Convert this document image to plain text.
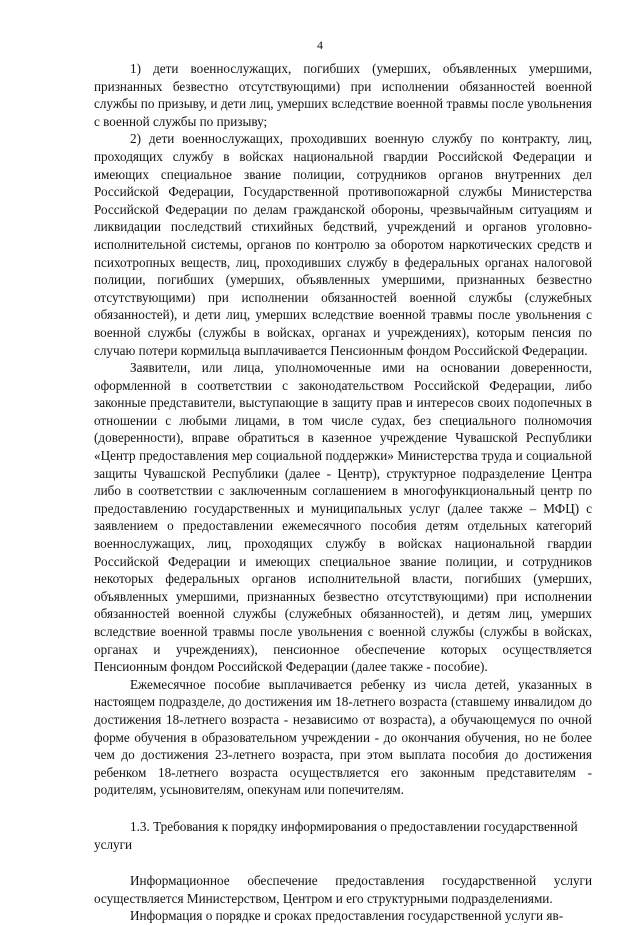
4

1) дети военнослужащих, погибших (умерших, объявленных умершими, признанных безвестно отсутствующими) при исполнении обязанностей военной службы по призыву, и дети лиц, умерших вследствие военной травмы после увольнения с военной службы по призыву;

2) дети военнослужащих, проходивших военную службу по контракту, лиц, проходящих службу в войсках национальной гвардии Российской Федерации и имеющих специальное звание полиции, сотрудников органов внутренних дел Российской Федерации, Государственной противопожарной службы Министерства Российской Федерации по делам гражданской обороны, чрезвычайным ситуациям и ликвидации последствий стихийных бедствий, учреждений и органов уголовно-исполнительной системы, органов по контролю за оборотом наркотических средств и психотропных веществ, лиц, проходивших службу в федеральных органах налоговой полиции, погибших (умерших, объявленных умершими, признанных безвестно отсутствующими) при исполнении обязанностей военной службы (служебных обязанностей), и дети лиц, умерших вследствие военной травмы после увольнения с военной службы (службы в войсках, органах и учреждениях), которым пенсия по случаю потери кормильца выплачивается Пенсионным фондом Российской Федерации.

Заявители, или лица, уполномоченные ими на основании доверенности, оформленной в соответствии с законодательством Российской Федерации, либо законные представители, выступающие в защиту прав и интересов своих подопечных в отношении с любыми лицами, в том числе судах, без специального полномочия (доверенности), вправе обратиться в казенное учреждение Чувашской Республики «Центр предоставления мер социальной поддержки» Министерства труда и социальной защиты Чувашской Республики (далее - Центр), структурное подразделение Центра либо в соответствии с заключенным соглашением в многофункциональный центр по предоставлению государственных и муниципальных услуг (далее также – МФЦ) с заявлением о предоставлении ежемесячного пособия детям отдельных категорий военнослужащих, лиц, проходящих службу в войсках национальной гвардии Российской Федерации и имеющих специальное звание полиции, и сотрудников некоторых федеральных органов исполнительной власти, погибших (умерших, объявленных умершими, признанных безвестно отсутствующими) при исполнении обязанностей военной службы (служебных обязанностей), и детям лиц, умерших вследствие военной травмы после увольнения с военной службы (службы в войсках, органах и учреждениях), пенсионное обеспечение которых осуществляется Пенсионным фондом Российской Федерации (далее также - пособие).

Ежемесячное пособие выплачивается ребенку из числа детей, указанных в настоящем подразделе, до достижения им 18-летнего возраста (ставшему инвалидом до достижения 18-летнего возраста - независимо от возраста), а обучающемуся по очной форме обучения в образовательном учреждении - до окончания обучения, но не более чем до достижения 23-летнего возраста, при этом выплата пособия до достижения ребенком 18-летнего возраста осуществляется его законным представителям - родителям, усыновителям, опекунам или попечителям.

1.3. Требования к порядку информирования о предоставлении государственной услуги

Информационное обеспечение предоставления государственной услуги осуществляется Министерством, Центром и его структурными подразделениями.

Информация о порядке и сроках предоставления государственной услуги яв-
